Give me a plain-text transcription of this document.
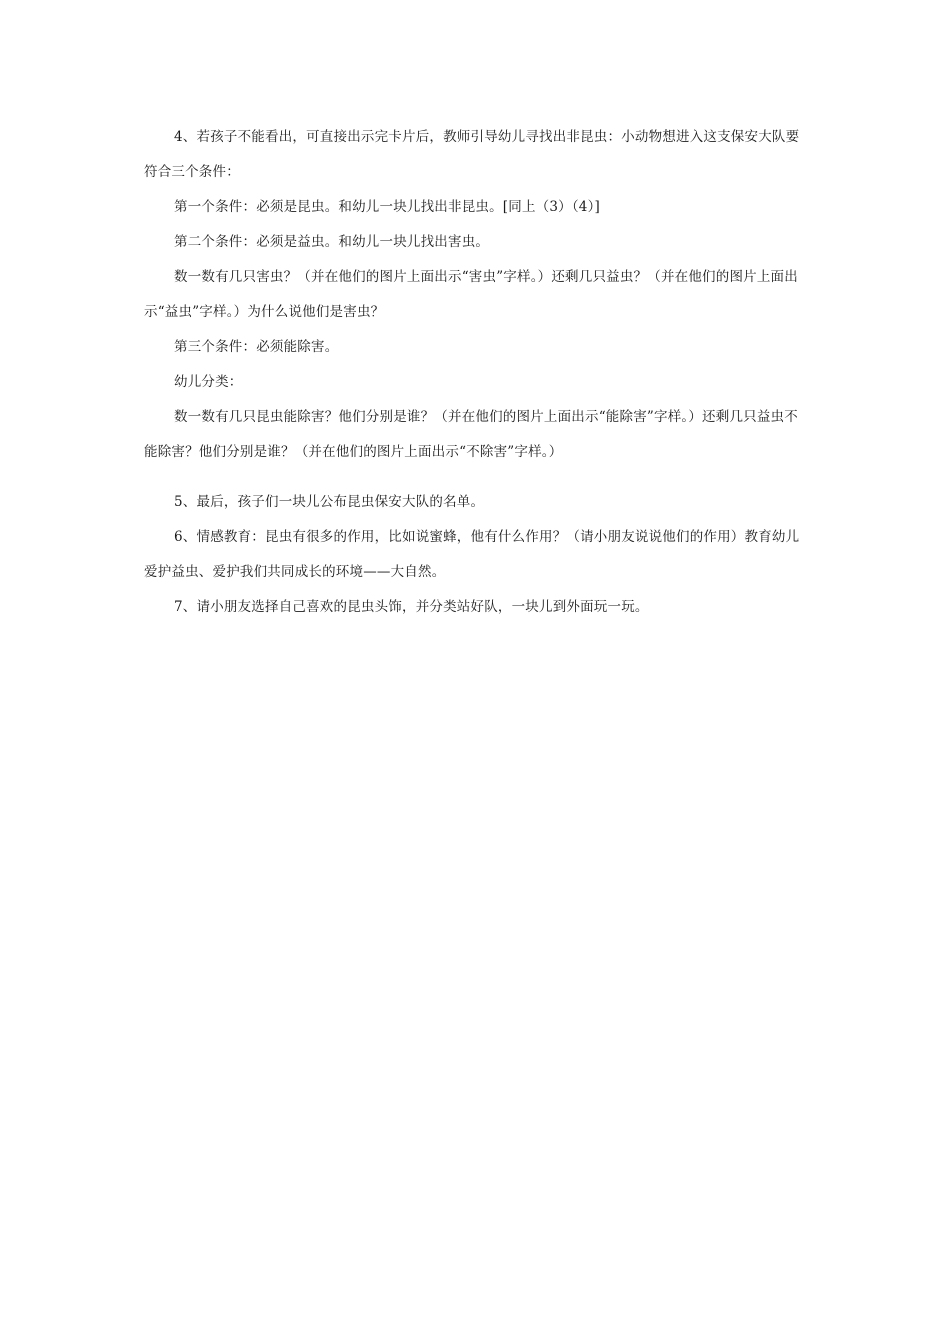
4、若孩子不能看出，可直接出示完卡片后，教师引导幼儿寻找出非昆虫：小动物想进入这支保安大队要符合三个条件：

第一个条件：必须是昆虫。和幼儿一块儿找出非昆虫。[同上（3）（4）]

第二个条件：必须是益虫。和幼儿一块儿找出害虫。

数一数有几只害虫？（并在他们的图片上面出示“害虫”字样。）还剩几只益虫？（并在他们的图片上面出示“益虫”字样。）为什么说他们是害虫？

第三个条件：必须能除害。

幼儿分类：

数一数有几只昆虫能除害？他们分别是谁？（并在他们的图片上面出示“能除害”字样。）还剩几只益虫不能除害？他们分别是谁？（并在他们的图片上面出示“不除害”字样。）

5、最后，孩子们一块儿公布昆虫保安大队的名单。

6、情感教育：昆虫有很多的作用，比如说蜜蜂，他有什么作用？（请小朋友说说他们的作用）教育幼儿爱护益虫、爱护我们共同成长的环境——大自然。

7、请小朋友选择自己喜欢的昆虫头饰，并分类站好队，一块儿到外面玩一玩。
